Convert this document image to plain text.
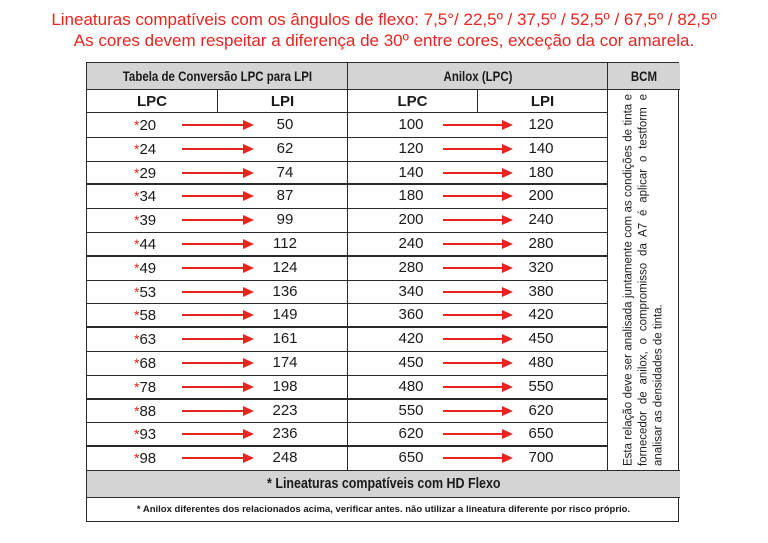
Lineaturas compatíveis com os ângulos de flexo: 7,5°/ 22,5º / 37,5º / 52,5º / 67,5º / 82,5º
As cores devem respeitar a diferença de 30º entre cores, exceção da cor amarela.
Tabela de Conversão LPC para LPI	Anilox (LPC)	BCM
LPC	LPI	LPC	LPI
*20	50	100	120
*24	62	120	140
*29	74	140	180
*34	87	180	200
*39	99	200	240
*44	112	240	280
*49	124	280	320
*53	136	340	380
*58	149	360	420
*63	161	420	450
*68	174	450	480
*78	198	480	550
*88	223	550	620
*93	236	620	650
*98	248	650	700	Esta relação deve ser analisada juntamente com as condições de tinta e fornecedor de anilox, o compromisso da A7 é aplicar o testform e analisar as densidades de tinta.
* Lineaturas compatíveis com HD Flexo
* Anilox diferentes dos relacionados acima, verificar antes. não utilizar a lineatura diferente por risco próprio.
